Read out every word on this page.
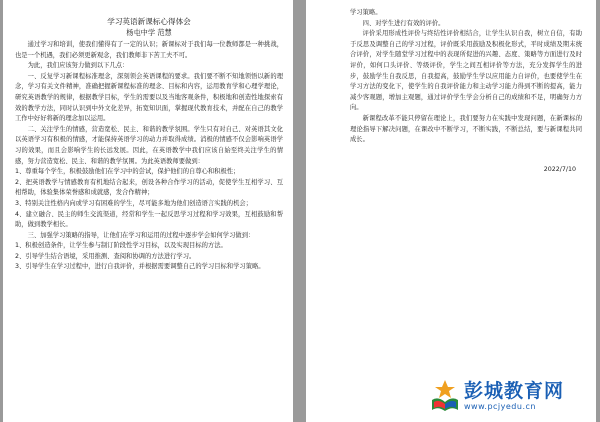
学习英语新课标心得体会
杨屯中学 范慧

通过学习和培训，使我们懂得有了一定的认识；新课标对于我们每一位教师都是一种挑战，也是一个机遇，我们必须更新观念，我们教师非下苦工夫不可。

为此，我们应该努力做到以下几点：

一、反复学习新课程标准理念，深刻领会英语课程的要求。我们要不断不知地领悟以新的理念，学习有关文件精神，准确把握新课程标准的理念、目标和内容，运用教育学和心理学理论，研究英语教学的规律，根据教学目标，学生的需要以及当地客观条件，积极地和创造性地探索有效的教学方法，同时认识到中外文化差异，拓宽知识面，掌握现代教育技术，并配在自己的教学工作中好好将新的理念加以运用。

二、关注学生的情感，营造宽松、民主、和谐的教学氛围。学生只有对自己、对英语其文化以英语学习有积极的情感，才能保持英语学习的动力并取得成绩。消极的情感不仅会影响英语学习的效果，而且会影响学生的长远发展。因此，在英语教学中我们应该自始至终关注学生的情感，努力营造宽松、民主、和谐的教学氛围。为此英语教师要做到：

1、尊重每个学生，积极鼓励他们在学习中的尝试，保护他们的自尊心和积极性；

2、把英语教学与情感教育有机地结合起来，创设各种合作学习的活动，促使学生互相学习、互相帮助，体验集体荣誉感和成就感，发合作精神；

3、特别关注性格内向或学习有困难的学生，尽可能多地为他们创造语言实践的机会；

4、建立融合、民主的师生交流渠道，经常和学生一起反思学习过程和学习效果，互相鼓励和帮助，做到教学相长。

三、加强学习策略的指导，让他们在学习和运用的过程中逐步学会如何学习做到：

1、积极创造条件，让学生参与制订阶段性学习目标，以及实现目标的方法。

2、引导学生结合语境，采用推测、查阅和协调的方法进行学习。

3、引导学生在学习过程中，进行自我评价，并根据需要调整自己的学习目标和学习策略。

学习策略。

四、对学生进行有效的评价。

评价采用形成性评价与终结性评价相结合，让学生认识自我，树立自信，有助于反思及调整自己的学习过程，评价既采用鼓励及积极化形式，平时成绩及期末统合评价，对学生随堂学习过程中的表现所促进的兴趣、态度、策略等方面进行及时评价，如何口头评价、等级评价，学生之间互相评价等方法，充分发挥学生的进步，鼓励学生自我反思，自我提高，鼓励学生学以应用能力自评价，也要使学生在学习方法的变化下，使学生的自我评价能力和主动学习能力得到不断的提高，能力减少客观题，增加主观题，通过评价学生学会分析自己的成绩和不足，明确努力方向。

新课程改革不能只停留在理论上，我们要努力在实践中发现问题，在新课标的理论指导下解决问题，在课改中不断学习，不断实践，不断总结，要与新课程共同成长。

2022/7/10
彭城教育网
www.pcjyedu.cn
